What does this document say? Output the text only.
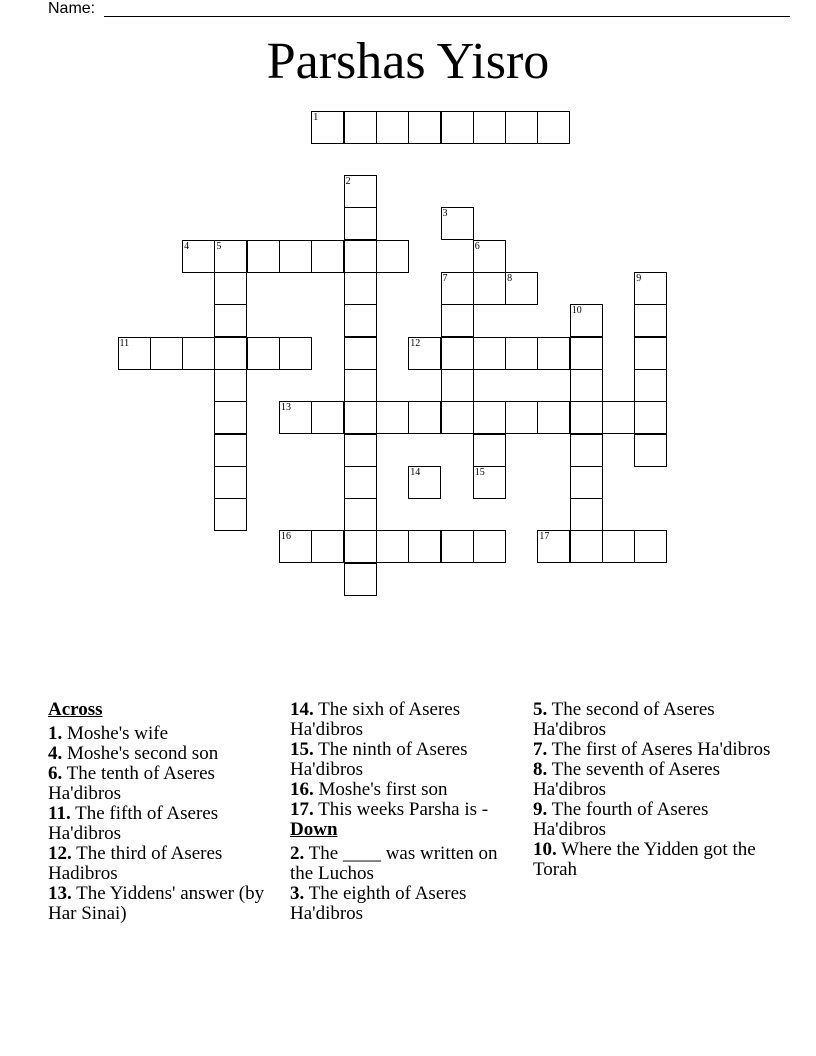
Name:
Parshas Yisro
1
2
3
4	5	6
7	8	9
10
11	12
13
14	15
16	17
Across
1. Moshe's wife
4. Moshe's second son
6. The tenth of Aseres Ha'dibros
11. The fifth of Aseres Ha'dibros
12. The third of Aseres Hadibros
13. The Yiddens' answer (by Har Sinai)
14. The sixh of Aseres Ha'dibros
15. The ninth of Aseres Ha'dibros
16. Moshe's first son
17. This weeks Parsha is -
Down
2. The ____ was written on the Luchos
3. The eighth of Aseres Ha'dibros
5. The second of Aseres Ha'dibros
7. The first of Aseres Ha'dibros
8. The seventh of Aseres Ha'dibros
9. The fourth of Aseres Ha'dibros
10. Where the Yidden got the Torah
